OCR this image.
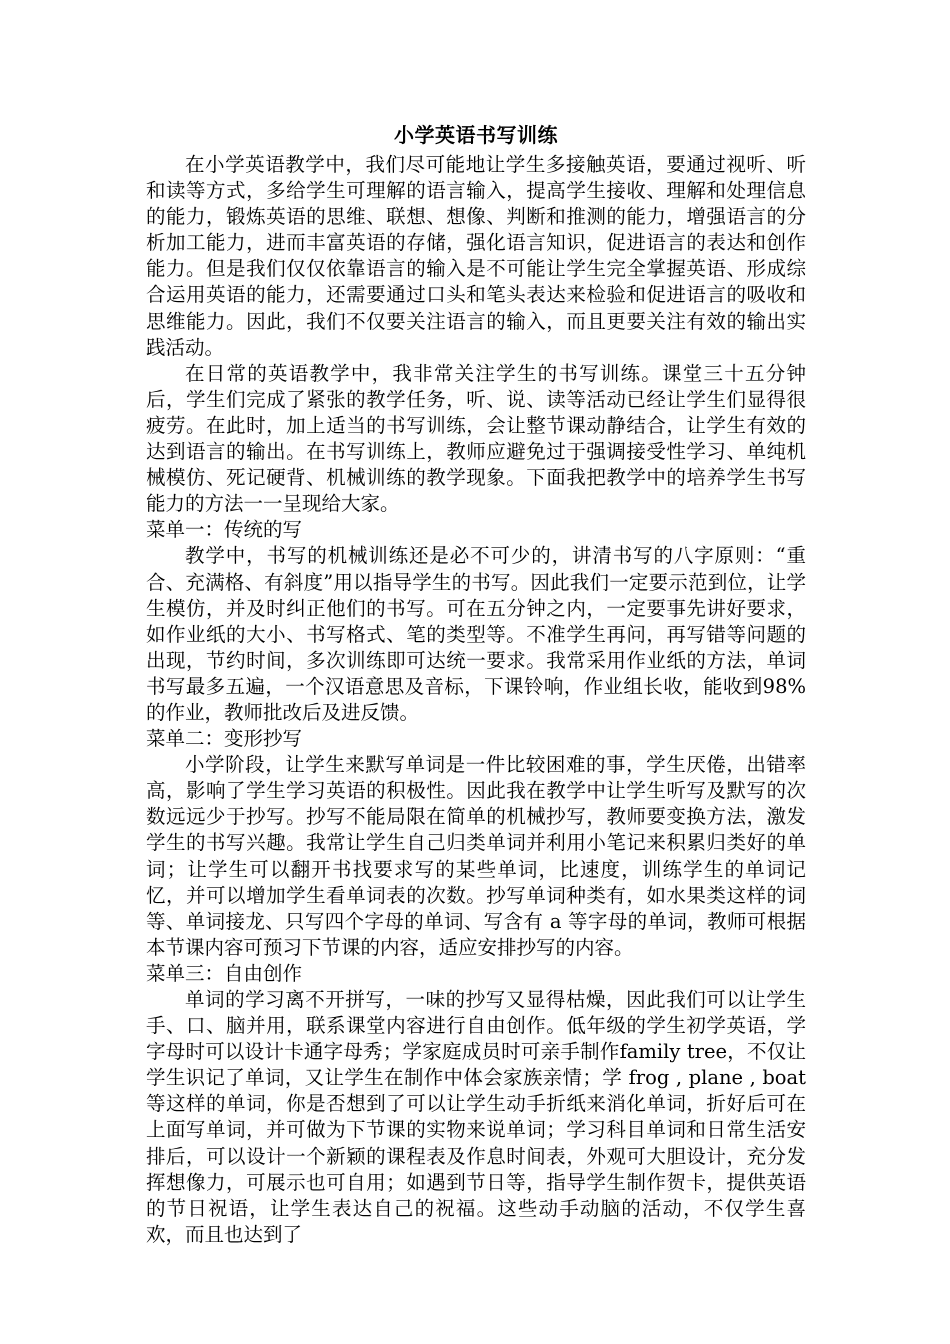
小学英语书写训练

在小学英语教学中，我们尽可能地让学生多接触英语，要通过视听、听和读等方式，多给学生可理解的语言输入，提高学生接收、理解和处理信息的能力，锻炼英语的思维、联想、想像、判断和推测的能力，增强语言的分析加工能力，进而丰富英语的存储，强化语言知识，促进语言的表达和创作能力。但是我们仅仅依靠语言的输入是不可能让学生完全掌握英语、形成综合运用英语的能力，还需要通过口头和笔头表达来检验和促进语言的吸收和思维能力。因此，我们不仅要关注语言的输入，而且更要关注有效的输出实践活动。

在日常的英语教学中，我非常关注学生的书写训练。课堂三十五分钟后，学生们完成了紧张的教学任务，听、说、读等活动已经让学生们显得很疲劳。在此时，加上适当的书写训练，会让整节课动静结合，让学生有效的达到语言的输出。在书写训练上，教师应避免过于强调接受性学习、单纯机械模仿、死记硬背、机械训练的教学现象。下面我把教学中的培养学生书写能力的方法一一呈现给大家。

菜单一：传统的写

教学中，书写的机械训练还是必不可少的，讲清书写的八字原则：“重合、充满格、有斜度”用以指导学生的书写。因此我们一定要示范到位，让学生模仿，并及时纠正他们的书写。可在五分钟之内，一定要事先讲好要求，如作业纸的大小、书写格式、笔的类型等。不准学生再问，再写错等问题的出现，节约时间，多次训练即可达统一要求。我常采用作业纸的方法，单词书写最多五遍，一个汉语意思及音标，下课铃响，作业组长收，能收到98%的作业，教师批改后及进反馈。

菜单二：变形抄写

小学阶段，让学生来默写单词是一件比较困难的事，学生厌倦，出错率高，影响了学生学习英语的积极性。因此我在教学中让学生听写及默写的次数远远少于抄写。抄写不能局限在简单的机械抄写，教师要变换方法，激发学生的书写兴趣。我常让学生自己归类单词并利用小笔记来积累归类好的单词；让学生可以翻开书找要求写的某些单词，比速度，训练学生的单词记忆，并可以增加学生看单词表的次数。抄写单词种类有，如水果类这样的词等、单词接龙、只写四个字母的单词、写含有 a 等字母的单词，教师可根据本节课内容可预习下节课的内容，适应安排抄写的内容。

菜单三：自由创作

单词的学习离不开拼写，一味的抄写又显得枯燥，因此我们可以让学生手、口、脑并用，联系课堂内容进行自由创作。低年级的学生初学英语，学字母时可以设计卡通字母秀；学家庭成员时可亲手制作family tree，不仅让学生识记了单词，又让学生在制作中体会家族亲情；学 frog , plane , boat 等这样的单词，你是否想到了可以让学生动手折纸来消化单词，折好后可在上面写单词，并可做为下节课的实物来说单词；学习科目单词和日常生活安排后，可以设计一个新颖的课程表及作息时间表，外观可大胆设计，充分发挥想像力，可展示也可自用；如遇到节日等，指导学生制作贺卡，提供英语的节日祝语，让学生表达自己的祝福。这些动手动脑的活动，不仅学生喜欢，而且也达到了
